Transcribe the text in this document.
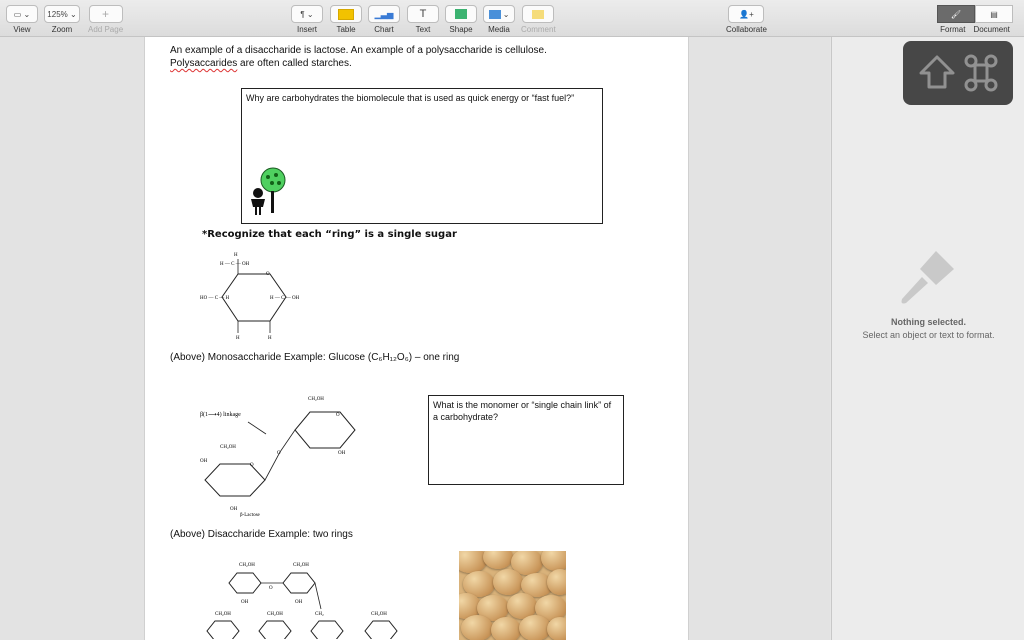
▭ ⌄
View
125% ⌄
Zoom
+
Add Page
¶ ⌄
Insert Table
▁▃▅
Chart
T
Text Shape
⌄
Media Comment
👤+
Collaborate
🖌	▤
Format Document
An example of a disaccharide is lactose. An example of a polysaccharide is cellulose.
Polysaccarides are often called starches.
Why are carbohydrates the biomolecule that is used as quick energy or “fast fuel?”
*Recognize that each “ring” is a single sugar
H
H — C — OH
O
HO — C — H	H — C — OH
H	H
(Above) Monosaccharide Example: Glucose (C₆H₁₂O₆) – one ring
β(1⟶4) linkage
CH₂OH
CH₂OH
O
O
O
OH
OH
OH
β-Lactose
What is the monomer or “single chain link” of a carbohydrate?
(Above) Disaccharide Example: two rings
CH₂OH	CH₂OH
CH₂OH	CH₂OH	CH₂OH
CH₂
O
OH	OH
Nothing selected.
Select an object or text to format.
